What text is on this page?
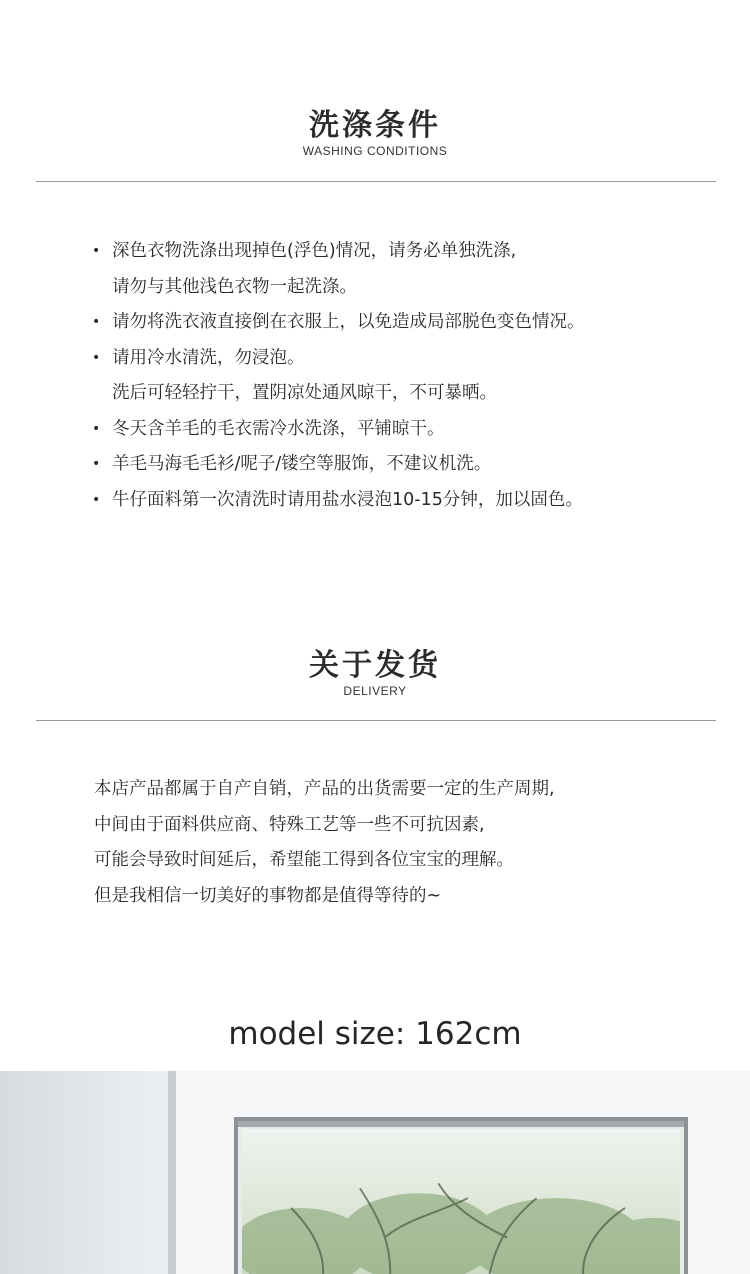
洗涤条件
WASHING CONDITIONS
• 深色衣物洗涤出现掉色(浮色)情况，请务必单独洗涤,
请勿与其他浅色衣物一起洗涤。
• 请勿将洗衣液直接倒在衣服上，以免造成局部脱色变色情况。
• 请用冷水清洗，勿浸泡。
洗后可轻轻拧干，置阴凉处通风晾干，不可暴晒。
• 冬天含羊毛的毛衣需冷水洗涤，平铺晾干。
• 羊毛马海毛毛衫/呢子/镂空等服饰，不建议机洗。
• 牛仔面料第一次清洗时请用盐水浸泡10-15分钟，加以固色。
关于发货
DELIVERY
本店产品都属于自产自销，产品的出货需要一定的生产周期,
中间由于面料供应商、特殊工艺等一些不可抗因素,
可能会导致时间延后，希望能工得到各位宝宝的理解。
但是我相信一切美好的事物都是值得等待的~
model size: 162cm
